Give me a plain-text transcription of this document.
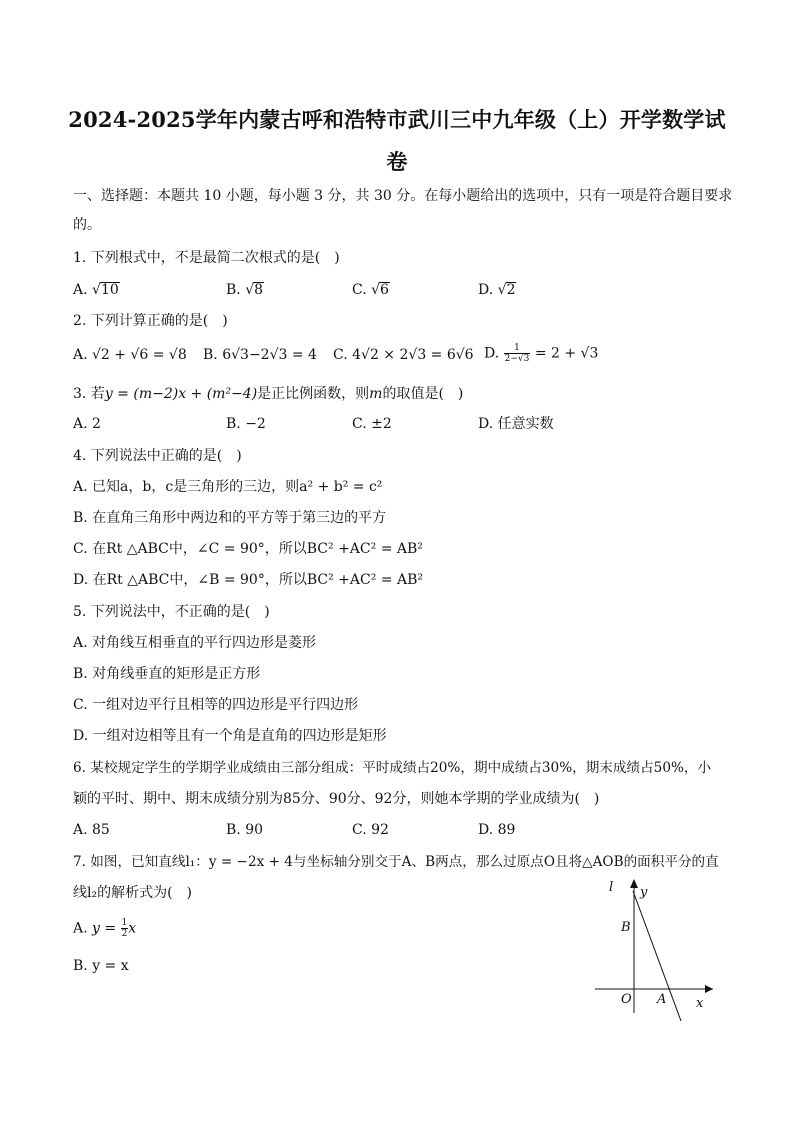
2024-2025学年内蒙古呼和浩特市武川三中九年级（上）开学数学试
卷
一、选择题：本题共 10 小题，每小题 3 分，共 30 分。在每小题给出的选项中，只有一项是符合题目要求
的。
1. 下列根式中，不是最简二次根式的是(　)
A. √10	B. √8	C. √6	D. √2
2. 下列计算正确的是(　)
A. √2 + √6 = √8 B. 6√3−2√3 = 4 C. 4√2 × 2√3 = 6√6 D. $\frac{1}{2-√3} = 2 + √3$
3. 若y = (m−2)x + (m²−4)是正比例函数，则m的取值是(　)
A. 2	B. −2	C. ±2	D. 任意实数
4. 下列说法中正确的是(　)
A. 已知a，b，c是三角形的三边，则a² + b² = c²
B. 在直角三角形中两边和的平方等于第三边的平方
C. 在Rt △ABC中，∠C = 90°，所以BC² +AC² = AB²
D. 在Rt △ABC中，∠B = 90°，所以BC² +AC² = AB²
5. 下列说法中，不正确的是(　)
A. 对角线互相垂直的平行四边形是菱形
B. 对角线垂直的矩形是正方形
C. 一组对边平行且相等的四边形是平行四边形
D. 一组对边相等且有一个角是直角的四边形是矩形
6. 某校规定学生的学期学业成绩由三部分组成：平时成绩占20%，期中成绩占30%，期末成绩占50%，小
颖的平时、期中、期末成绩分别为85分、90分、92分，则她本学期的学业成绩为(　)
A. 85	B. 90	C. 92	D. 89
7. 如图，已知直线l₁：y = −2x + 4与坐标轴分别交于A、B两点，那么过原点O且将△AOB的面积平分的直
线l₂的解析式为(　)
A. $y = \frac{1}{2}$ x
B. y = x
l y
B
O A x
